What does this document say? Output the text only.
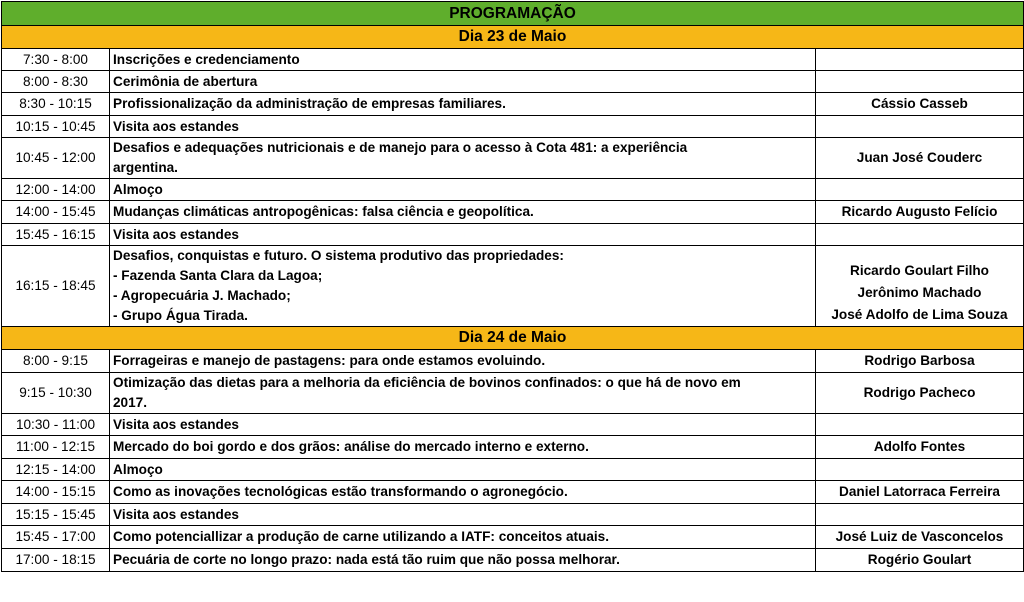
PROGRAMAÇÃO		
Dia 23 de Maio		
7:30 - 8:00	Inscrições e credenciamento	

8:00 - 8:30	Cerimônia de abertura	

8:30 - 10:15	Profissionalização da administração de empresas familiares.	Cássio Casseb

10:15 - 10:45	Visita aos estandes	

10:45 - 12:00	Desafios e adequações nutricionais e de manejo para o acesso à Cota 481: a experiência
argentina.	Juan José Couderc

12:00 - 14:00	Almoço	

14:00 - 15:45	Mudanças climáticas antropogênicas: falsa ciência e geopolítica.	Ricardo Augusto Felício

15:45 - 16:15	Visita aos estandes	

16:15 - 18:45	Desafios, conquistas e futuro. O sistema produtivo das propriedades:
- Fazenda Santa Clara da Lagoa;
- Agropecuária J. Machado;
- Grupo Água Tirada.	Ricardo Goulart Filho
Jerônimo Machado
José Adolfo de Lima Souza

Dia 24 de Maio		
8:00 - 9:15	Forrageiras e manejo de pastagens: para onde estamos evoluindo.	Rodrigo Barbosa

9:15 - 10:30	Otimização das dietas para a melhoria da eficiência de bovinos confinados: o que há de novo em
2017.	Rodrigo Pacheco

10:30 - 11:00	Visita aos estandes	

11:00 - 12:15	Mercado do boi gordo e dos grãos: análise do mercado interno e externo.	Adolfo Fontes

12:15 - 14:00	Almoço	

14:00 - 15:15	Como as inovações tecnológicas estão transformando o agronegócio.	Daniel Latorraca Ferreira

15:15 - 15:45	Visita aos estandes	

15:45 - 17:00	Como potenciallizar a produção de carne utilizando a IATF: conceitos atuais.	José Luiz de Vasconcelos

17:00 - 18:15	Pecuária de corte no longo prazo: nada está tão ruim que não possa melhorar.	Rogério Goulart
